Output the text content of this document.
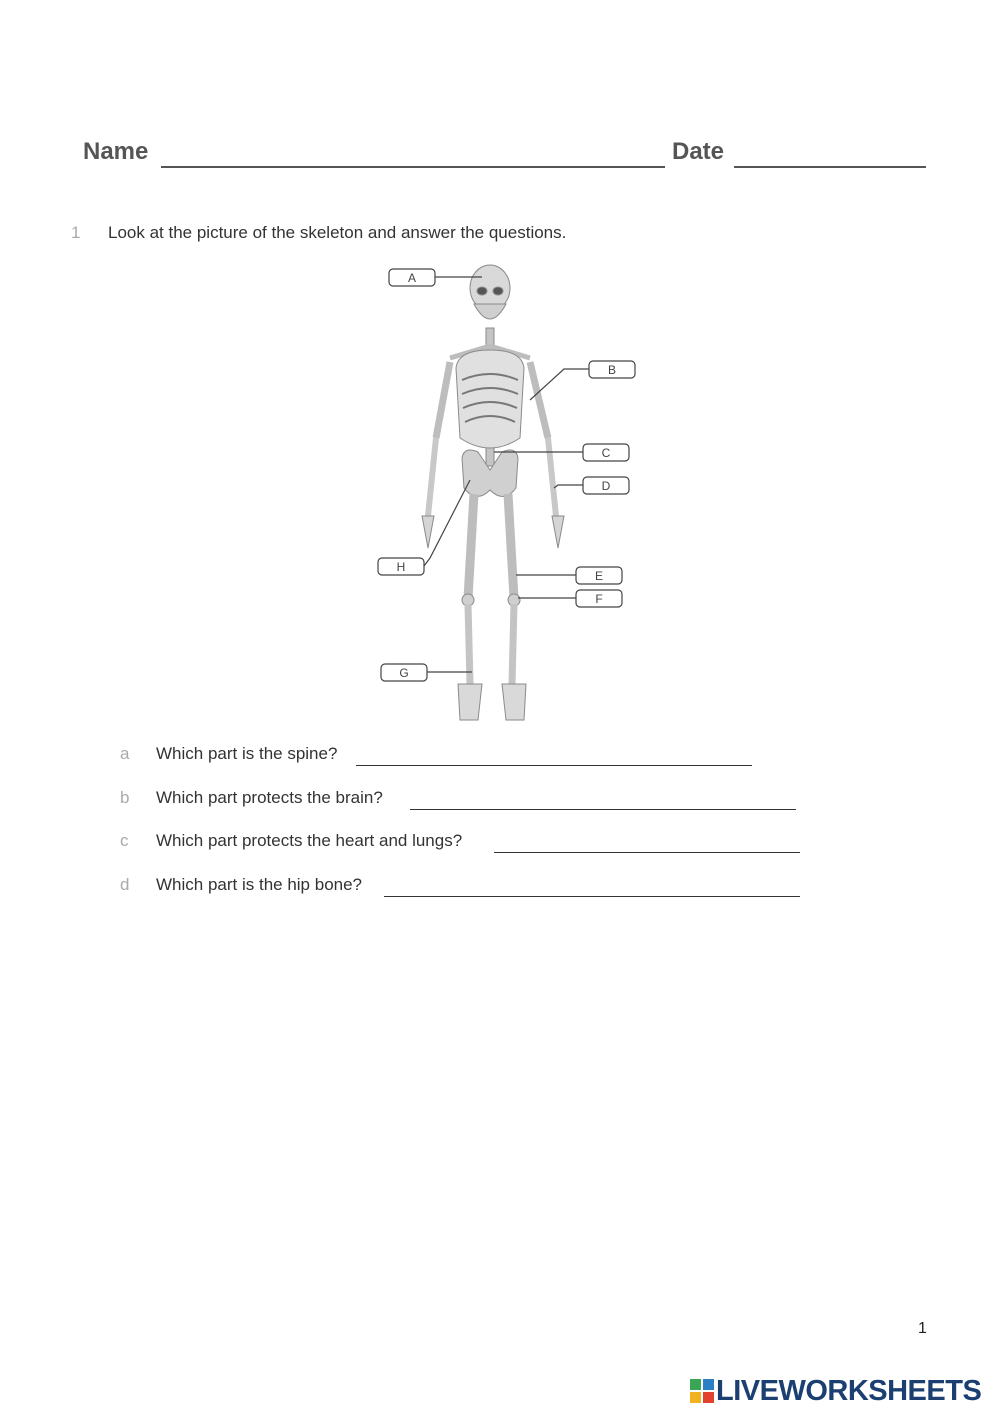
Name	Date
1 Look at the picture of the skeleton and answer the questions.
A
B
C
D
E
F
G
H
a Which part is the spine?
b Which part protects the brain?
c Which part protects the heart and lungs?
d Which part is the hip bone?
1
LIVEWORKSHEETS
